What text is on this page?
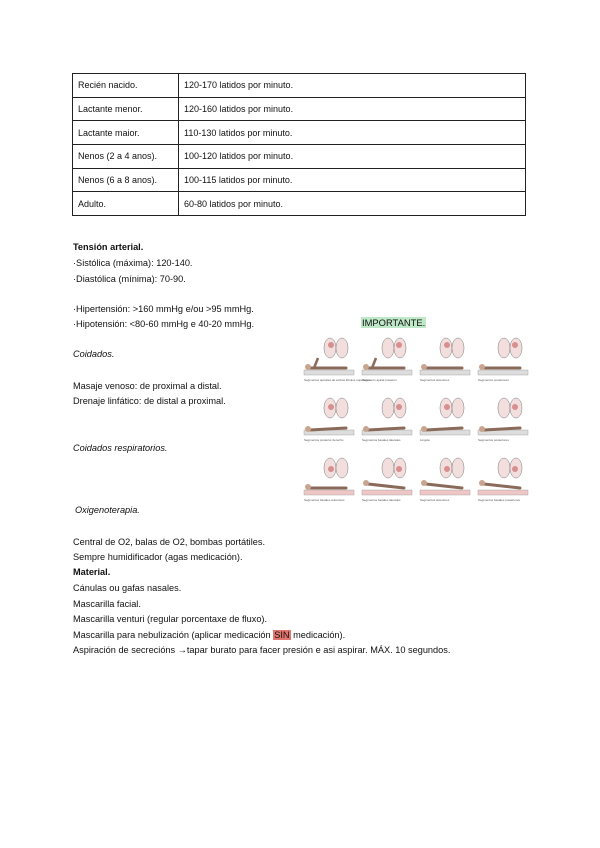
Recién nacido.	120-170 latidos por minuto.
Lactante menor.	120-160 latidos por minuto.
Lactante maior.	110-130 latidos por minuto.
Nenos (2 a 4 anos).	100-120 latidos por minuto.
Nenos (6 a 8 anos).	100-115 latidos por minuto.
Adulto.	60-80 latidos por minuto.
Tensión arterial.
·Sistólica (máxima): 120-140.
·Diastólica (mínima): 70-90.
·Hipertensión: >160 mmHg e/ou >95 mmHg.
·Hipotensión: <80-60 mmHg e 40-20 mmHg.	IMPORTANTE.
Coidados.
Masaje venoso: de proximal a distal.
Drenaje linfático: de distal a proximal.
Coidados respiratorios.
Oxigenoterapia.
Central de O2, balas de O2, bombas portátiles.
Sempre humidificador (agas medicación).
Material.
Cánulas ou gafas nasales.
Mascarilla facial.
Mascarilla venturi (regular porcentaxe de fluxo).
Mascarilla para nebulización (aplicar medicación SIN medicación).
Aspiración de secrecións →tapar burato para facer presión e asi aspirar. MÁX. 10 segundos.
Segmentos apicales de ambos lóbulos superiores
Segmento apical posterior	Segmentos anteriores	Segmentos posteriores
Segmentos posterior derecho	Segmentos basales laterales	Lingula	Segmentos posteriores
Segmentos basales anteriores	Segmentos basales laterales	Segmentos anteriores	Segmentos basales posteriores
